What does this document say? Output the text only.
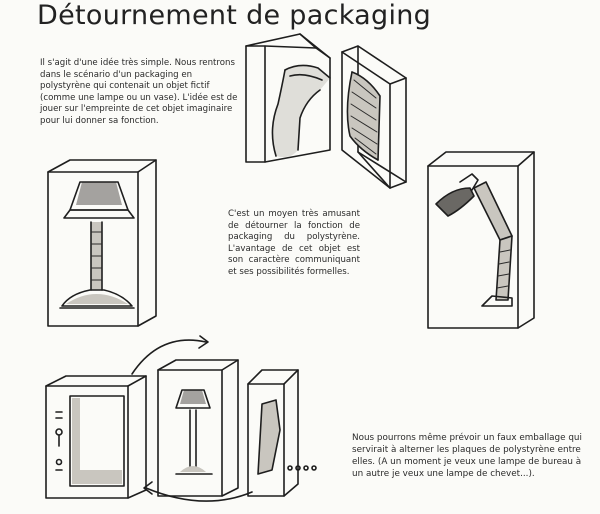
Détournement de packaging

Il s'agit d'une idée très simple. Nous rentrons dans le scénario d'un packaging en polystyrène qui contenait un objet fictif (comme une lampe ou un vase). L'idée est de jouer sur l'empreinte de cet objet imaginaire pour lui donner sa fonction.

C'est un moyen très amusant de détourner la fonction de packaging du polystyrène. L'avantage de cet objet est son caractère communiquant et ses possibilités formelles.

Nous pourrons même prévoir un faux emballage qui servirait à alterner les plaques de polystyrène entre elles. (A un moment je veux une lampe de bureau à un autre je veux une lampe de chevet...).
